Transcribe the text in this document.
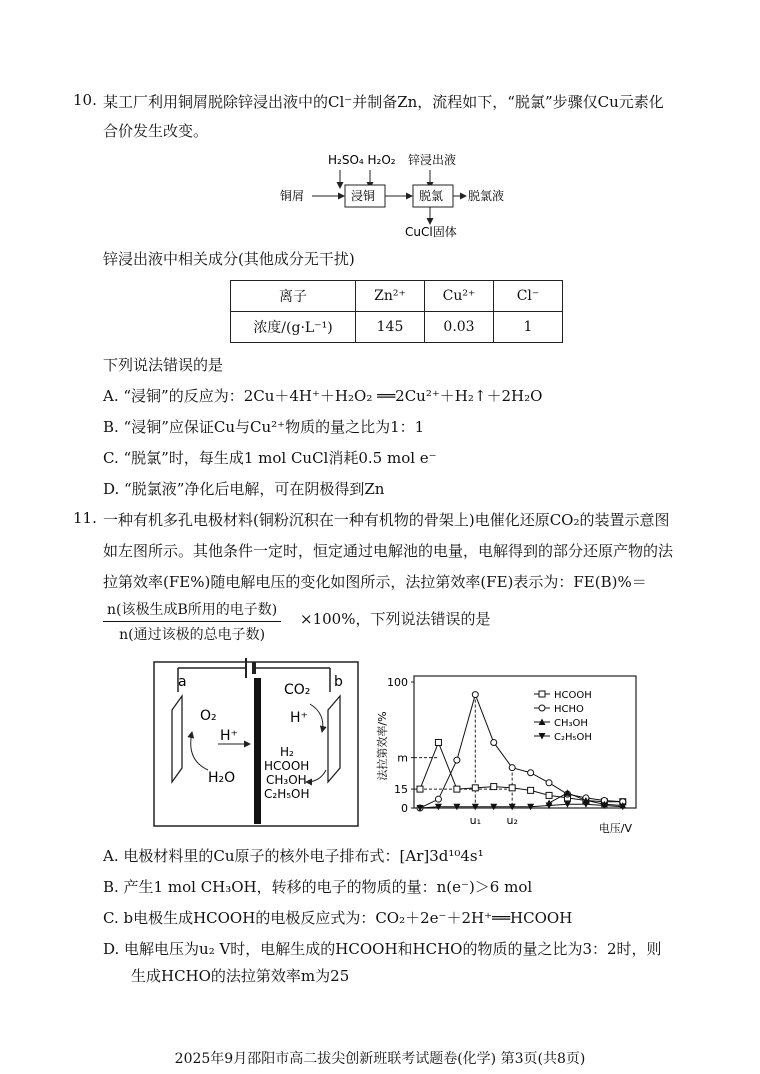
10. 某工厂利用铜屑脱除锌浸出液中的Cl⁻并制备Zn，流程如下，“脱氯”步骤仅Cu元素化
合价发生改变。
H₂SO₄ H₂O₂ 锌浸出液
铜屑	浸铜	脱氯 脱氯液
CuCl固体
锌浸出液中相关成分(其他成分无干扰)
离子	Zn²⁺	Cu²⁺	Cl⁻
浓度/(g·L⁻¹)	145	0.03	1
下列说法错误的是
A. “浸铜”的反应为：2Cu＋4H⁺＋H₂O₂ ══2Cu²⁺＋H₂↑＋2H₂O
B. “浸铜”应保证Cu与Cu²⁺物质的量之比为1：1
C. “脱氯”时，每生成1 mol CuCl消耗0.5 mol e⁻
D. “脱氯液”净化后电解，可在阴极得到Zn
11. 一种有机多孔电极材料(铜粉沉积在一种有机物的骨架上)电催化还原CO₂的装置示意图
如左图所示。其他条件一定时，恒定通过电解池的电量，电解得到的部分还原产物的法
拉第效率(FE%)随电解电压的变化如图所示，法拉第效率(FE)表示为：FE(B)%＝
n(该极生成B所用的电子数)
n(通过该极的总电子数)
×100%，下列说法错误的是
a	b
O₂
H⁺
H₂O
CO₂
H⁺
H₂
HCOOH
CH₃OH
C₂H₅OH
法拉第效率/%
电压/V
100
m
15
0
u₁ u₂
HCOOH
HCHO
CH₃OH
C₂H₅OH
A. 电极材料里的Cu原子的核外电子排布式：[Ar]3d¹⁰4s¹
B. 产生1 mol CH₃OH，转移的电子的物质的量：n(e⁻)＞6 mol
C. b电极生成HCOOH的电极反应式为：CO₂＋2e⁻＋2H⁺══HCOOH
D. 电解电压为u₂ V时，电解生成的HCOOH和HCHO的物质的量之比为3：2时，则
生成HCHO的法拉第效率m为25
2025年9月邵阳市高二拔尖创新班联考试题卷(化学) 第3页(共8页)
